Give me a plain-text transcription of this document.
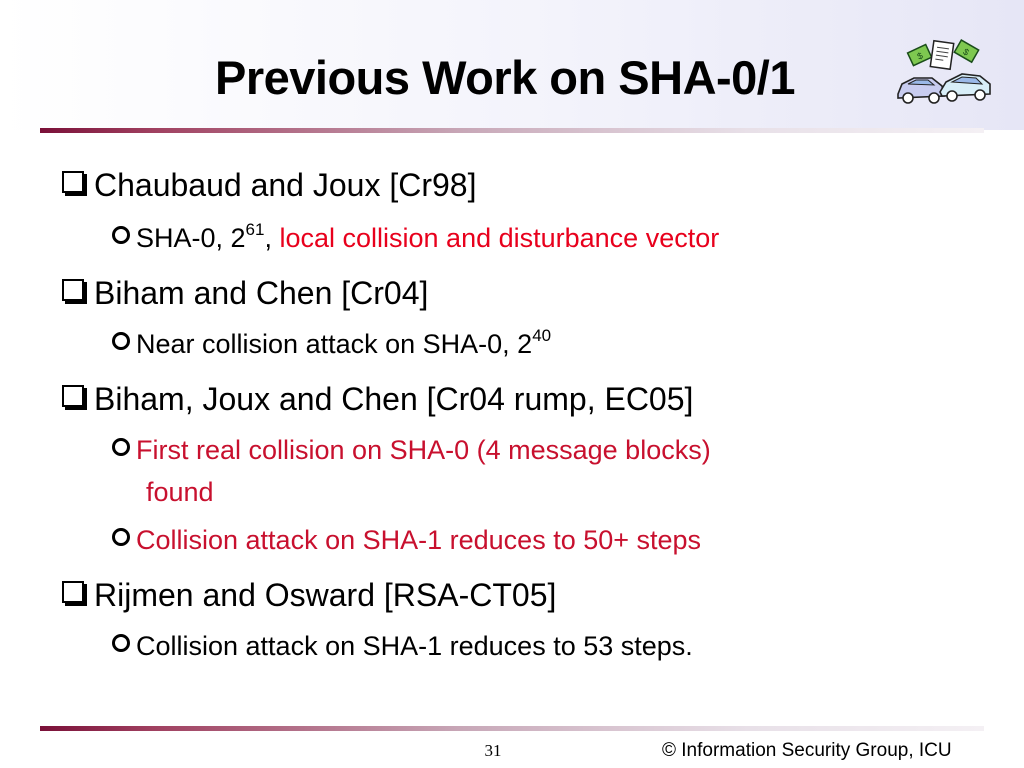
Previous Work on SHA-0/1	$	$
Chaubaud and Joux [Cr98]
SHA-0, $2^{61}$, local collision and disturbance vector
Biham and Chen [Cr04]
Near collision attack on SHA-0, $2^{40}$
Biham, Joux and Chen [Cr04 rump, EC05]
First real collision on SHA-0 (4 message blocks)
found
Collision attack on SHA-1 reduces to 50+ steps
Rijmen and Osward [RSA-CT05]
Collision attack on SHA-1 reduces to 53 steps.
31	© Information Security Group, ICU
